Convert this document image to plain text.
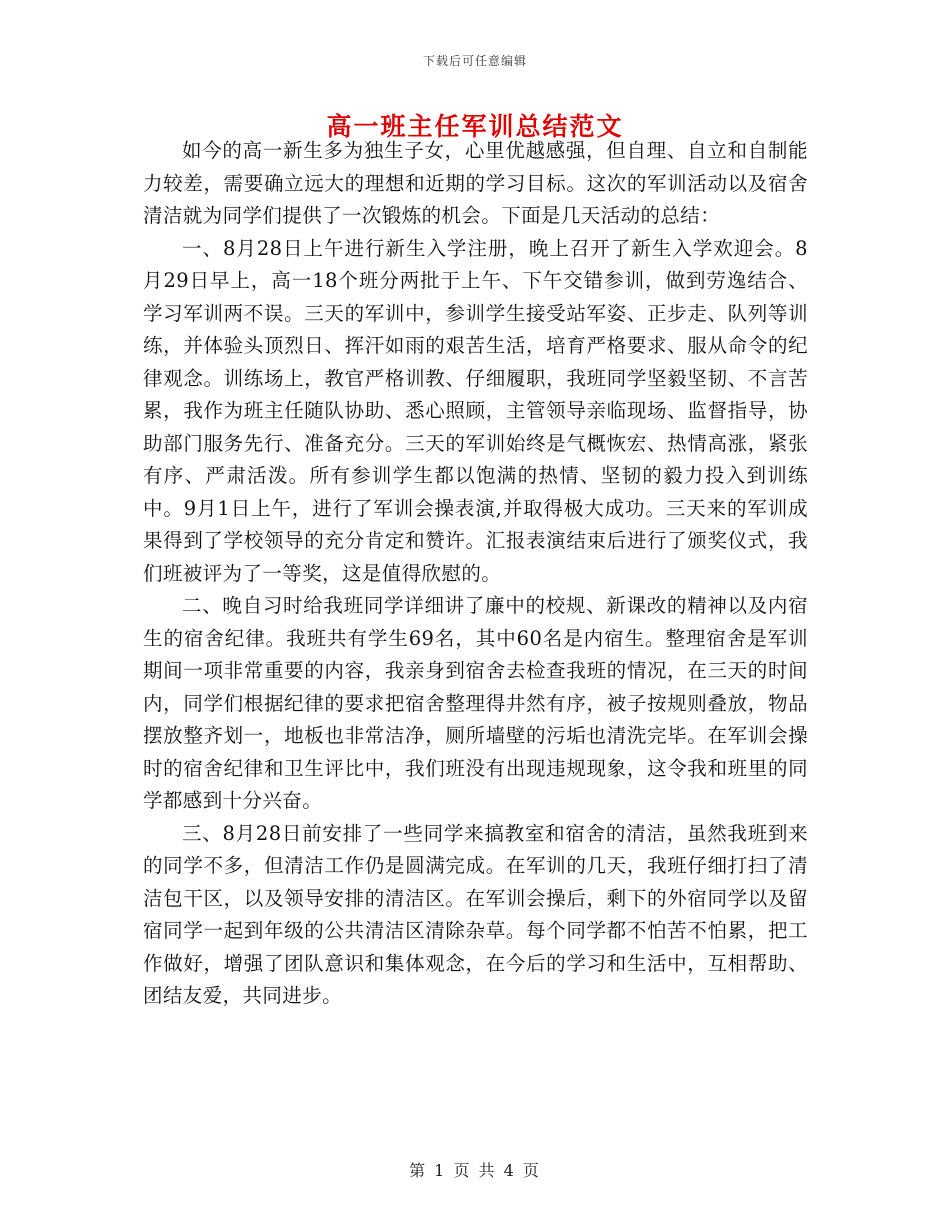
下载后可任意编辑
高一班主任军训总结范文

如今的高一新生多为独生子女，心里优越感强，但自理、自立和自制能力较差，需要确立远大的理想和近期的学习目标。这次的军训活动以及宿舍清洁就为同学们提供了一次锻炼的机会。下面是几天活动的总结：

一、8月28日上午进行新生入学注册，晚上召开了新生入学欢迎会。8月29日早上，高一18个班分两批于上午、下午交错参训，做到劳逸结合、学习军训两不误。三天的军训中，参训学生接受站军姿、正步走、队列等训练，并体验头顶烈日、挥汗如雨的艰苦生活，培育严格要求、服从命令的纪律观念。训练场上，教官严格训教、仔细履职，我班同学坚毅坚韧、不言苦累，我作为班主任随队协助、悉心照顾，主管领导亲临现场、监督指导，协助部门服务先行、准备充分。三天的军训始终是气概恢宏、热情高涨，紧张有序、严肃活泼。所有参训学生都以饱满的热情、坚韧的毅力投入到训练中。9月1日上午，进行了军训会操表演,并取得极大成功。三天来的军训成果得到了学校领导的充分肯定和赞许。汇报表演结束后进行了颁奖仪式，我们班被评为了一等奖，这是值得欣慰的。

二、晚自习时给我班同学详细讲了廉中的校规、新课改的精神以及内宿生的宿舍纪律。我班共有学生69名，其中60名是内宿生。整理宿舍是军训期间一项非常重要的内容，我亲身到宿舍去检查我班的情况，在三天的时间内，同学们根据纪律的要求把宿舍整理得井然有序，被子按规则叠放，物品摆放整齐划一，地板也非常洁净，厕所墙壁的污垢也清洗完毕。在军训会操时的宿舍纪律和卫生评比中，我们班没有出现违规现象，这令我和班里的同学都感到十分兴奋。

三、8月28日前安排了一些同学来搞教室和宿舍的清洁，虽然我班到来的同学不多，但清洁工作仍是圆满完成。在军训的几天，我班仔细打扫了清洁包干区，以及领导安排的清洁区。在军训会操后，剩下的外宿同学以及留宿同学一起到年级的公共清洁区清除杂草。每个同学都不怕苦不怕累，把工作做好，增强了团队意识和集体观念，在今后的学习和生活中，互相帮助、团结友爱，共同进步。

第 1 页 共 4 页
